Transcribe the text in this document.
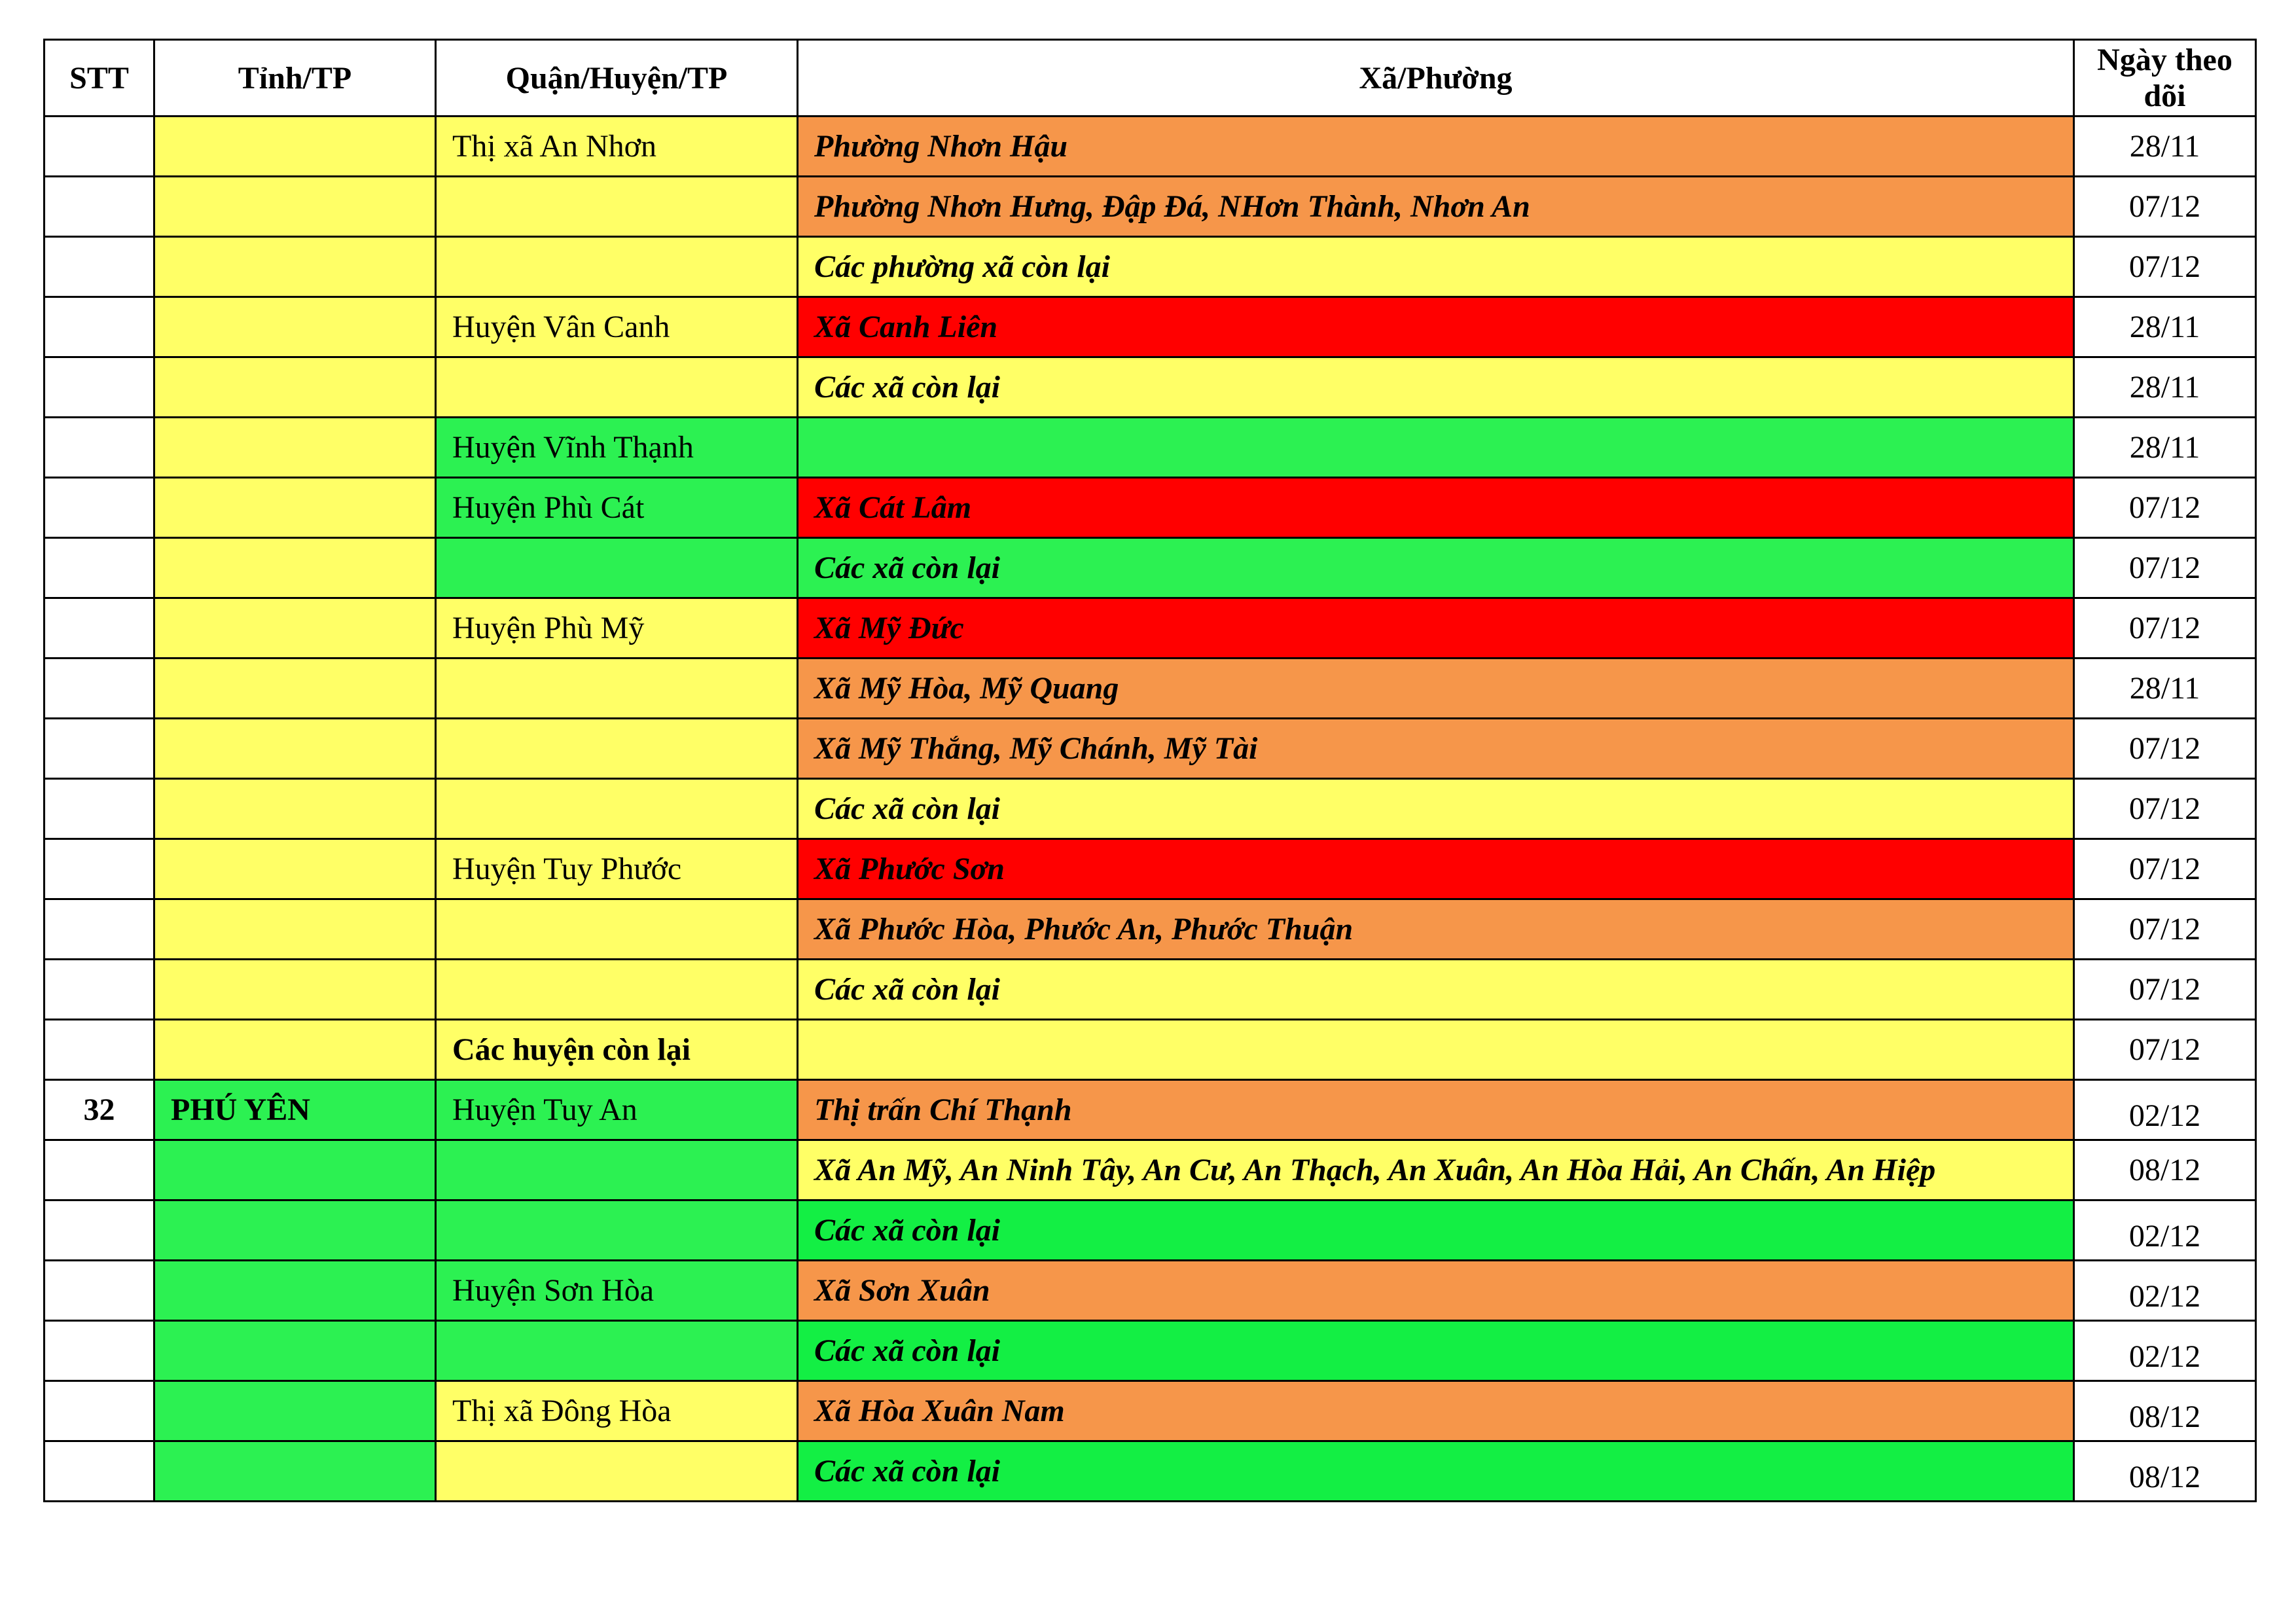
STT	Tỉnh/TP	Quận/Huyện/TP	Xã/Phường	Ngày theo dõi
		Thị xã An Nhơn	Phường Nhơn Hậu	28/11
			Phường Nhơn Hưng, Đập Đá, NHơn Thành, Nhơn An	07/12
			Các phường xã còn lại	07/12
		Huyện Vân Canh	Xã Canh Liên	28/11
			Các xã còn lại	28/11
		Huyện Vĩnh Thạnh		28/11
		Huyện Phù Cát	Xã Cát Lâm	07/12
			Các xã còn lại	07/12
		Huyện Phù Mỹ	Xã Mỹ Đức	07/12
			Xã Mỹ Hòa, Mỹ Quang	28/11
			Xã Mỹ Thắng, Mỹ Chánh, Mỹ Tài	07/12
			Các xã còn lại	07/12
		Huyện Tuy Phước	Xã Phước Sơn	07/12
			Xã Phước Hòa, Phước An, Phước Thuận	07/12
			Các xã còn lại	07/12
		Các huyện còn lại		07/12
32	PHÚ YÊN	Huyện Tuy An	Thị trấn Chí Thạnh	02/12
			Xã An Mỹ, An Ninh Tây, An Cư, An Thạch, An Xuân, An Hòa Hải, An Chấn, An Hiệp	08/12
			Các xã còn lại	02/12
		Huyện Sơn Hòa	Xã Sơn Xuân	02/12
			Các xã còn lại	02/12
		Thị xã Đông Hòa	Xã Hòa Xuân Nam	08/12
			Các xã còn lại	08/12
